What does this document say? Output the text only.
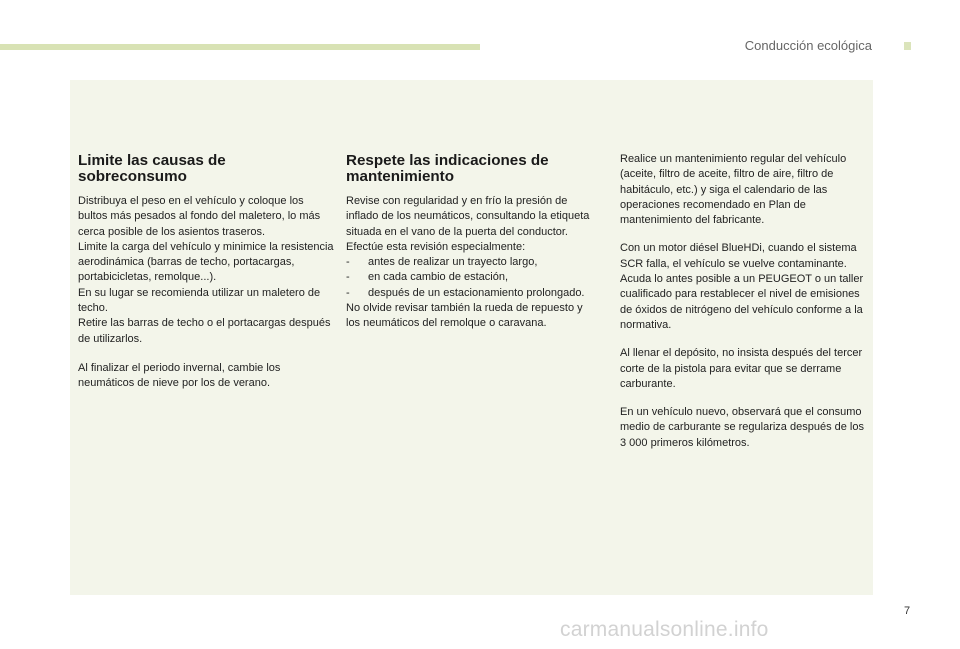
Conducción ecológica
Limite las causas de sobreconsumo

Distribuya el peso en el vehículo y coloque los bultos más pesados al fondo del maletero, lo más cerca posible de los asientos traseros.

Limite la carga del vehículo y minimice la resistencia aerodinámica (barras de techo, portacargas, portabicicletas, remolque...).

En su lugar se recomienda utilizar un maletero de techo.

Retire las barras de techo o el portacargas después de utilizarlos.

Al finalizar el periodo invernal, cambie los neumáticos de nieve por los de verano.

Respete las indicaciones de mantenimiento

Revise con regularidad y en frío la presión de inflado de los neumáticos, consultando la etiqueta situada en el vano de la puerta del conductor.

Efectúe esta revisión especialmente:

- antes de realizar un trayecto largo,

- en cada cambio de estación,

- después de un estacionamiento prolongado.

No olvide revisar también la rueda de repuesto y los neumáticos del remolque o caravana.

Realice un mantenimiento regular del vehículo (aceite, filtro de aceite, filtro de aire, filtro de habitáculo, etc.) y siga el calendario de las operaciones recomendado en Plan de mantenimiento del fabricante.

Con un motor diésel BlueHDi, cuando el sistema SCR falla, el vehículo se vuelve contaminante. Acuda lo antes posible a un PEUGEOT o un taller cualificado para restablecer el nivel de emisiones de óxidos de nitrógeno del vehículo conforme a la normativa.

Al llenar el depósito, no insista después del tercer corte de la pistola para evitar que se derrame carburante.

En un vehículo nuevo, observará que el consumo medio de carburante se regulariza después de los 3 000 primeros kilómetros.

7
carmanualsonline.info
